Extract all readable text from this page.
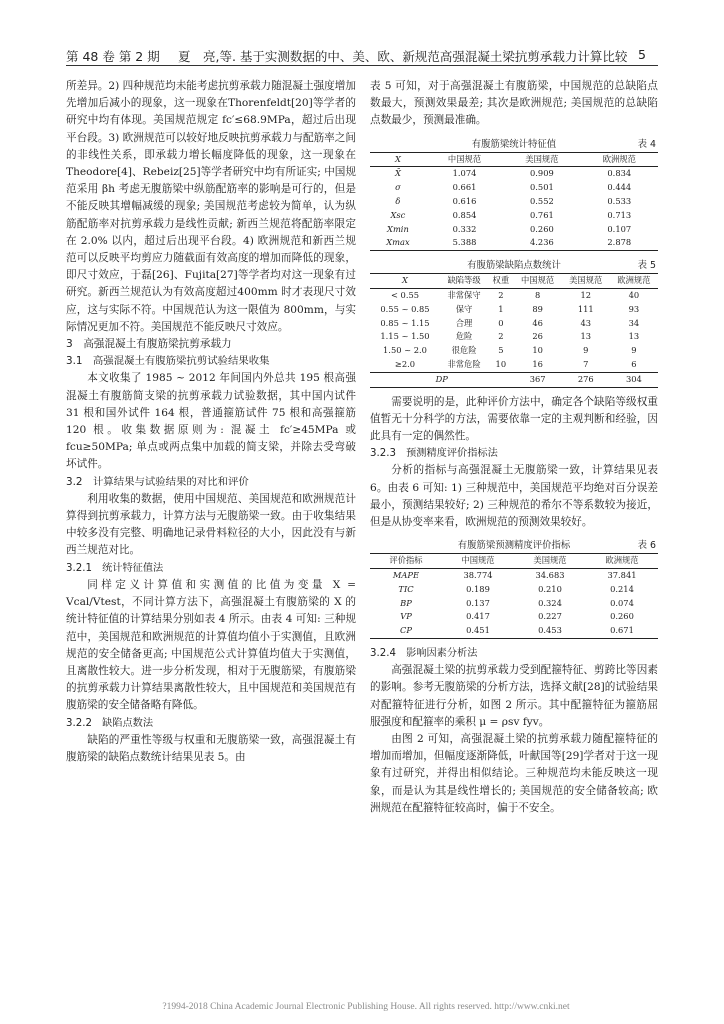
第 48 卷 第 2 期 夏　亮,等. 基于实测数据的中、美、欧、新规范高强混凝土梁抗剪承载力计算比较 5

所差异。2) 四种规范均未能考虑抗剪承载力随混凝土强度增加先增加后减小的现象，这一现象在Thorenfeldt[20]等学者的研究中均有体现。美国规范规定 fc′≤68.9MPa，超过后出现平台段。3) 欧洲规范可以较好地反映抗剪承载力与配筋率之间的非线性关系，即承载力增长幅度降低的现象，这一现象在Theodore[4]、Rebeiz[25]等学者研究中均有所证实; 中国规范采用 βh 考虑无腹筋梁中纵筋配筋率的影响是可行的，但是不能反映其增幅减缓的现象; 美国规范考虑较为简单，认为纵筋配筋率对抗剪承载力是线性贡献; 新西兰规范将配筋率限定在 2.0% 以内，超过后出现平台段。4) 欧洲规范和新西兰规范可以反映平均剪应力随截面有效高度的增加而降低的现象，即尺寸效应，于磊[26]、Fujita[27]等学者均对这一现象有过研究。新西兰规范认为有效高度超过400mm 时才表现尺寸效应，这与实际不符。中国规范认为这一限值为 800mm，与实际情况更加不符。美国规范不能反映尺寸效应。

3　高强混凝土有腹筋梁抗剪承载力

3.1　高强混凝土有腹筋梁抗剪试验结果收集

本文收集了 1985 ~ 2012 年间国内外总共 195 根高强混凝土有腹筋简支梁的抗剪承载力试验数据，其中国内试件 31 根和国外试件 164 根，普通箍筋试件 75 根和高强箍筋 120 根。收集数据原则为: 混凝土 fc′≥45MPa 或 fcu≥50MPa; 单点或两点集中加载的简支梁，并除去受弯破坏试件。

3.2　计算结果与试验结果的对比和评价

利用收集的数据，使用中国规范、美国规范和欧洲规范计算得到抗剪承载力，计算方法与无腹筋梁一致。由于收集结果中较多没有完整、明确地记录骨料粒径的大小，因此没有与新西兰规范对比。

3.2.1　统计特征值法

同样定义计算值和实测值的比值为变量 X = Vcal/Vtest，不同计算方法下，高强混凝土有腹筋梁的 X 的统计特征值的计算结果分别如表 4 所示。由表 4 可知: 三种规范中，美国规范和欧洲规范的计算值均值小于实测值，且欧洲规范的安全储备更高; 中国规范公式计算值均值大于实测值，且离散性较大。进一步分析发现，相对于无腹筋梁，有腹筋梁的抗剪承载力计算结果离散性较大，且中国规范和美国规范有腹筋梁的安全储备略有降低。

3.2.2　缺陷点数法

缺陷的严重性等级与权重和无腹筋梁一致，高强混凝土有腹筋梁的缺陷点数统计结果见表 5。由

表 5 可知，对于高强混凝土有腹筋梁，中国规范的总缺陷点数最大，预测效果最差; 其次是欧洲规范; 美国规范的总缺陷点数最少，预测最准确。

有腹筋梁统计特征值	表 4
X	中国规范	美国规范	欧洲规范
X̄	1.074	0.909	0.834
σ	0.661	0.501	0.444
δ	0.616	0.552	0.533
Xsc	0.854	0.761	0.713
Xmin	0.332	0.260	0.107
Xmax	5.388	4.236	2.878
有腹筋梁缺陷点数统计	表 5
X	缺陷等级	权重	中国规范	美国规范	欧洲规范
< 0.55	非常保守	2	8	12	40
0.55 ~ 0.85	保守	1	89	111	93
0.85 ~ 1.15	合理	0	46	43	34
1.15 ~ 1.50	危险	2	26	13	13
1.50 ~ 2.0	很危险	5	10	9	9
≥2.0	非常危险	10	16	7	6
DP			367	276	304

需要说明的是，此种评价方法中，确定各个缺陷等级权重值暂无十分科学的方法，需要依靠一定的主观判断和经验，因此具有一定的偶然性。

3.2.3　预测精度评价指标法

分析的指标与高强混凝土无腹筋梁一致，计算结果见表 6。由表 6 可知: 1) 三种规范中，美国规范平均绝对百分误差最小，预测结果较好; 2) 三种规范的希尔不等系数较为接近，但是从协变率来看，欧洲规范的预测效果较好。

有腹筋梁预测精度评价指标	表 6
评价指标	中国规范	美国规范	欧洲规范
MAPE	38.774	34.683	37.841
TIC	0.189	0.210	0.214
BP	0.137	0.324	0.074
VP	0.417	0.227	0.260
CP	0.451	0.453	0.671

3.2.4　影响因素分析法

高强混凝土梁的抗剪承载力受到配箍特征、剪跨比等因素的影响。参考无腹筋梁的分析方法，选择文献[28]的试验结果对配箍特征进行分析，如图 2 所示。其中配箍特征为箍筋屈服强度和配箍率的乘积 μ = ρsv fyv。

由图 2 可知，高强混凝土梁的抗剪承载力随配箍特征的增加而增加，但幅度逐渐降低，叶献国等[29]学者对于这一现象有过研究，并得出相似结论。三种规范均未能反映这一现象，而是认为其是线性增长的; 美国规范的安全储备较高; 欧洲规范在配箍特征较高时，偏于不安全。

?1994-2018 China Academic Journal Electronic Publishing House. All rights reserved. http://www.cnki.net
